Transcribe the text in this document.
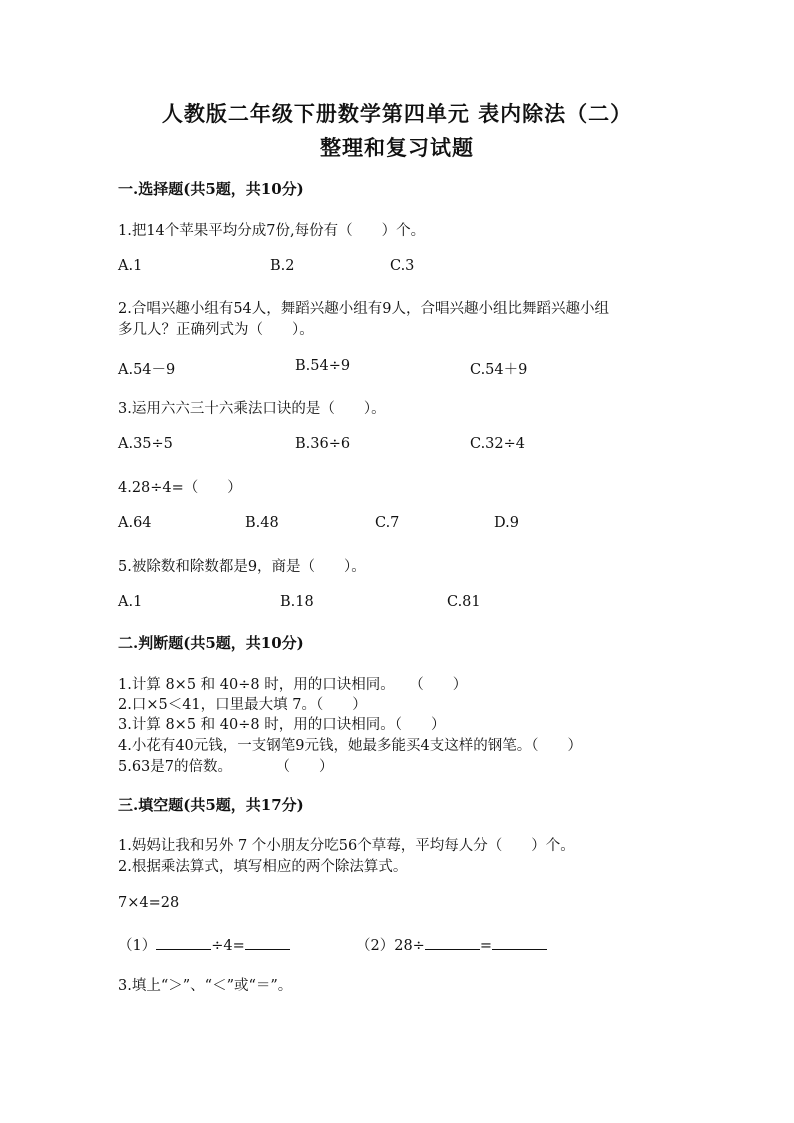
人教版二年级下册数学第四单元 表内除法（二）
整理和复习试题
一.选择题(共5题，共10分)
1.把14个苹果平均分成7份,每份有（　　）个。
A.1	B.2	C.3
2.合唱兴趣小组有54人，舞蹈兴趣小组有9人，合唱兴趣小组比舞蹈兴趣小组
多几人？正确列式为（　　）。
A.54－9	B.54÷9	C.54＋9
3.运用六六三十六乘法口诀的是（　　）。
A.35÷5	B.36÷6	C.32÷4
4.28÷4=（　　）
A.64	B.48	C.7	D.9
5.被除数和除数都是9，商是（　　）。
A.1	B.18	C.81
二.判断题(共5题，共10分)
1.计算 8×5 和 40÷8 时，用的口诀相同。　　（　　）
2.口×5＜41，口里最大填 7。（　　）
3.计算 8×5 和 40÷8 时，用的口诀相同。（　　）
4.小花有40元钱，一支钢笔9元钱，她最多能买4支这样的钢笔。（　　）
5.63是7的倍数。　　　　（　　）
三.填空题(共5题，共17分)
1.妈妈让我和另外 7 个小朋友分吃56个草莓，平均每人分（　　）个。
2.根据乘法算式，填写相应的两个除法算式。
7×4=28
（1）	÷4=	（2）28÷	=
3.填上“＞”、“＜”或“＝”。
